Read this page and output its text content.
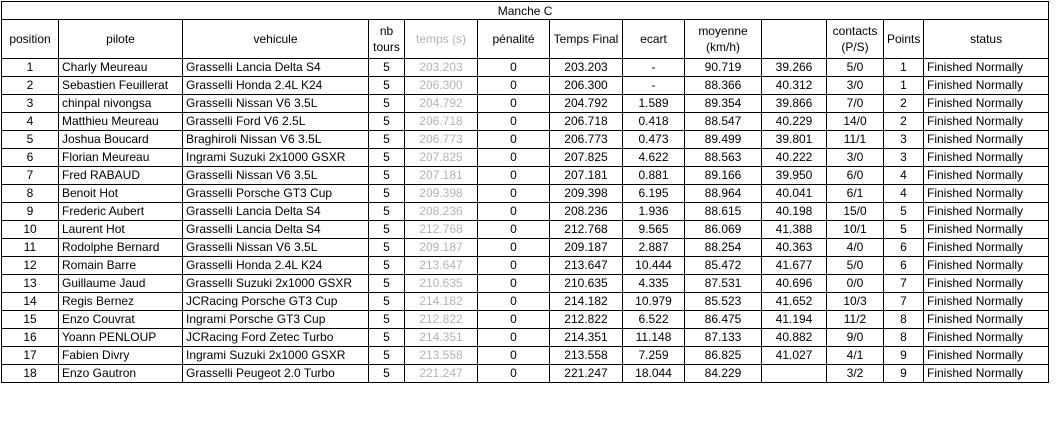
Manche C												
position	pilote	vehicule	nb tours	temps (s)	pénalité	Temps Final	ecart	moyenne (km/h)		contacts (P/S)	Points	status
1	Charly Meureau	Grasselli Lancia Delta S4	5	203.203	0	203.203	-	90.719	39.266	5/0	1	Finished Normally
2	Sebastien Feuillerat	Grasselli Honda 2.4L K24	5	206.300	0	206.300	-	88.366	40.312	3/0	1	Finished Normally
3	chinpal nivongsa	Grasselli Nissan V6 3.5L	5	204.792	0	204.792	1.589	89.354	39.866	7/0	2	Finished Normally
4	Matthieu Meureau	Grasselli Ford V6 2.5L	5	206.718	0	206.718	0.418	88.547	40.229	14/0	2	Finished Normally
5	Joshua Boucard	Braghiroli Nissan V6 3.5L	5	206.773	0	206.773	0.473	89.499	39.801	11/1	3	Finished Normally
6	Florian Meureau	Ingrami Suzuki 2x1000 GSXR	5	207.825	0	207.825	4.622	88.563	40.222	3/0	3	Finished Normally
7	Fred RABAUD	Grasselli Nissan V6 3.5L	5	207.181	0	207.181	0.881	89.166	39.950	6/0	4	Finished Normally
8	Benoit Hot	Grasselli Porsche GT3 Cup	5	209.398	0	209.398	6.195	88.964	40.041	6/1	4	Finished Normally
9	Frederic Aubert	Grasselli Lancia Delta S4	5	208.236	0	208.236	1.936	88.615	40.198	15/0	5	Finished Normally
10	Laurent Hot	Grasselli Lancia Delta S4	5	212.768	0	212.768	9.565	86.069	41.388	10/1	5	Finished Normally
11	Rodolphe Bernard	Grasselli Nissan V6 3.5L	5	209.187	0	209.187	2.887	88.254	40.363	4/0	6	Finished Normally
12	Romain Barre	Grasselli Honda 2.4L K24	5	213.647	0	213.647	10.444	85.472	41.677	5/0	6	Finished Normally
13	Guillaume Jaud	Grasselli Suzuki 2x1000 GSXR	5	210.635	0	210.635	4.335	87.531	40.696	0/0	7	Finished Normally
14	Regis Bernez	JCRacing Porsche GT3 Cup	5	214.182	0	214.182	10.979	85.523	41.652	10/3	7	Finished Normally
15	Enzo Couvrat	Ingrami Porsche GT3 Cup	5	212.822	0	212.822	6.522	86.475	41.194	11/2	8	Finished Normally
16	Yoann PENLOUP	JCRacing Ford Zetec Turbo	5	214.351	0	214.351	11.148	87.133	40.882	9/0	8	Finished Normally
17	Fabien Divry	Ingrami Suzuki 2x1000 GSXR	5	213.558	0	213.558	7.259	86.825	41.027	4/1	9	Finished Normally
18	Enzo Gautron	Grasselli Peugeot 2.0 Turbo	5	221.247	0	221.247	18.044	84.229		3/2	9	Finished Normally
